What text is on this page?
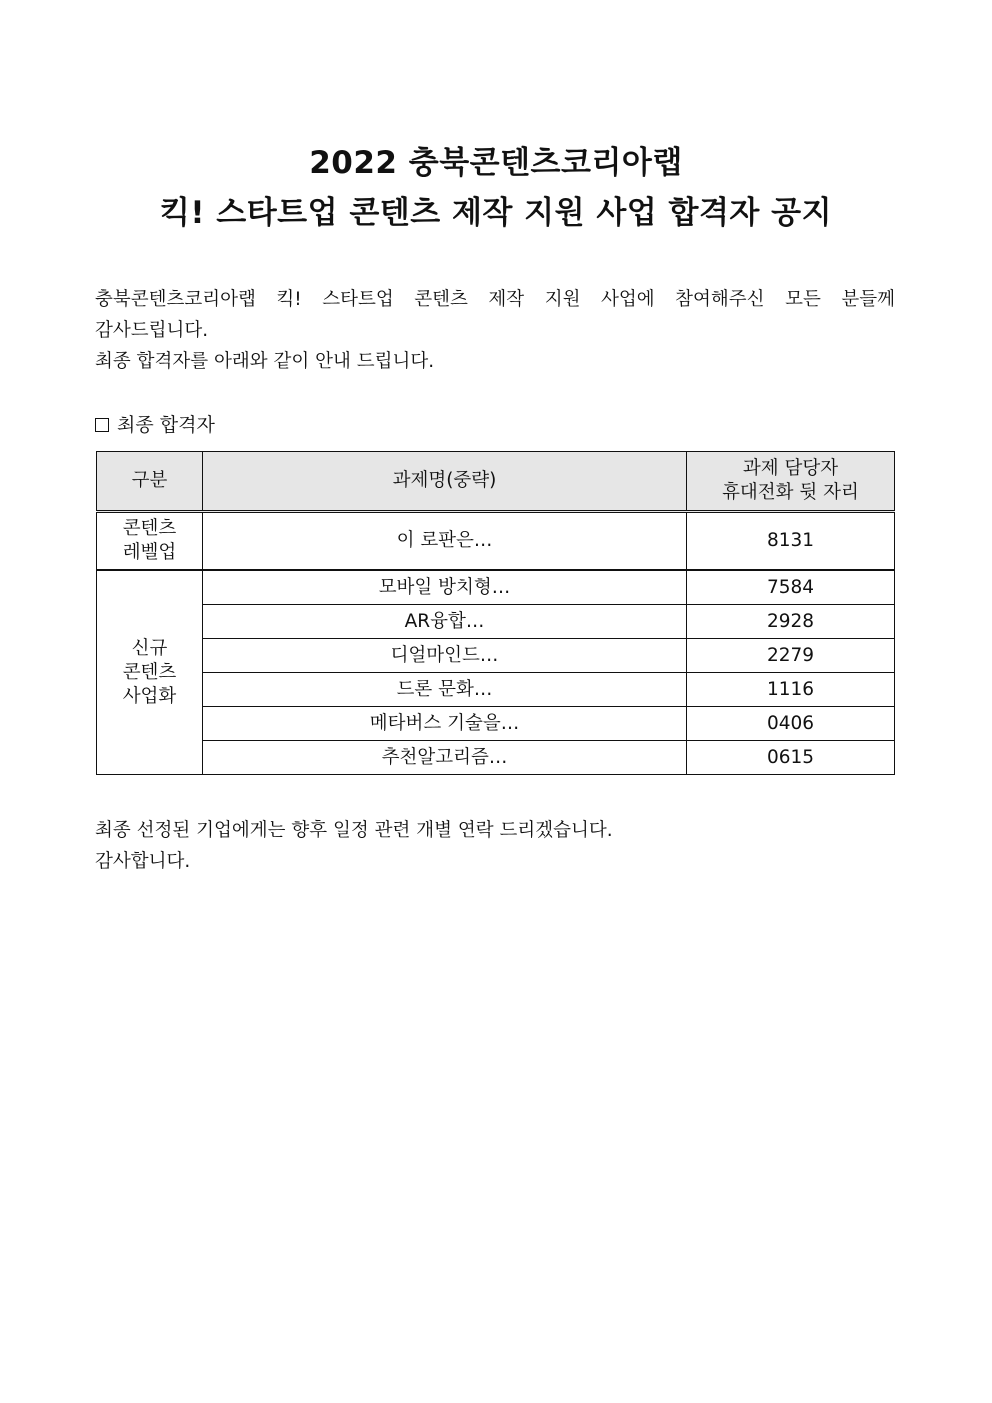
2022 충북콘텐츠코리아랩
킥! 스타트업 콘텐츠 제작 지원 사업 합격자 공지
충북콘텐츠코리아랩 킥! 스타트업 콘텐츠 제작 지원 사업에 참여해주신 모든 분들께
감사드립니다.
최종 합격자를 아래와 같이 안내 드립니다.
최종 합격자
구분	과제명(중략)	과제 담당자
휴대전화 뒷 자리

콘텐츠
레벨업	이 로판은…	8131

신규
콘텐츠
사업화	모바일 방치형…	7584
	AR융합…	2928
	디얼마인드…	2279
	드론 문화…	1116
	메타버스 기술을…	0406
	추천알고리즘…	0615
최종 선정된 기업에게는 향후 일정 관련 개별 연락 드리겠습니다.
감사합니다.
